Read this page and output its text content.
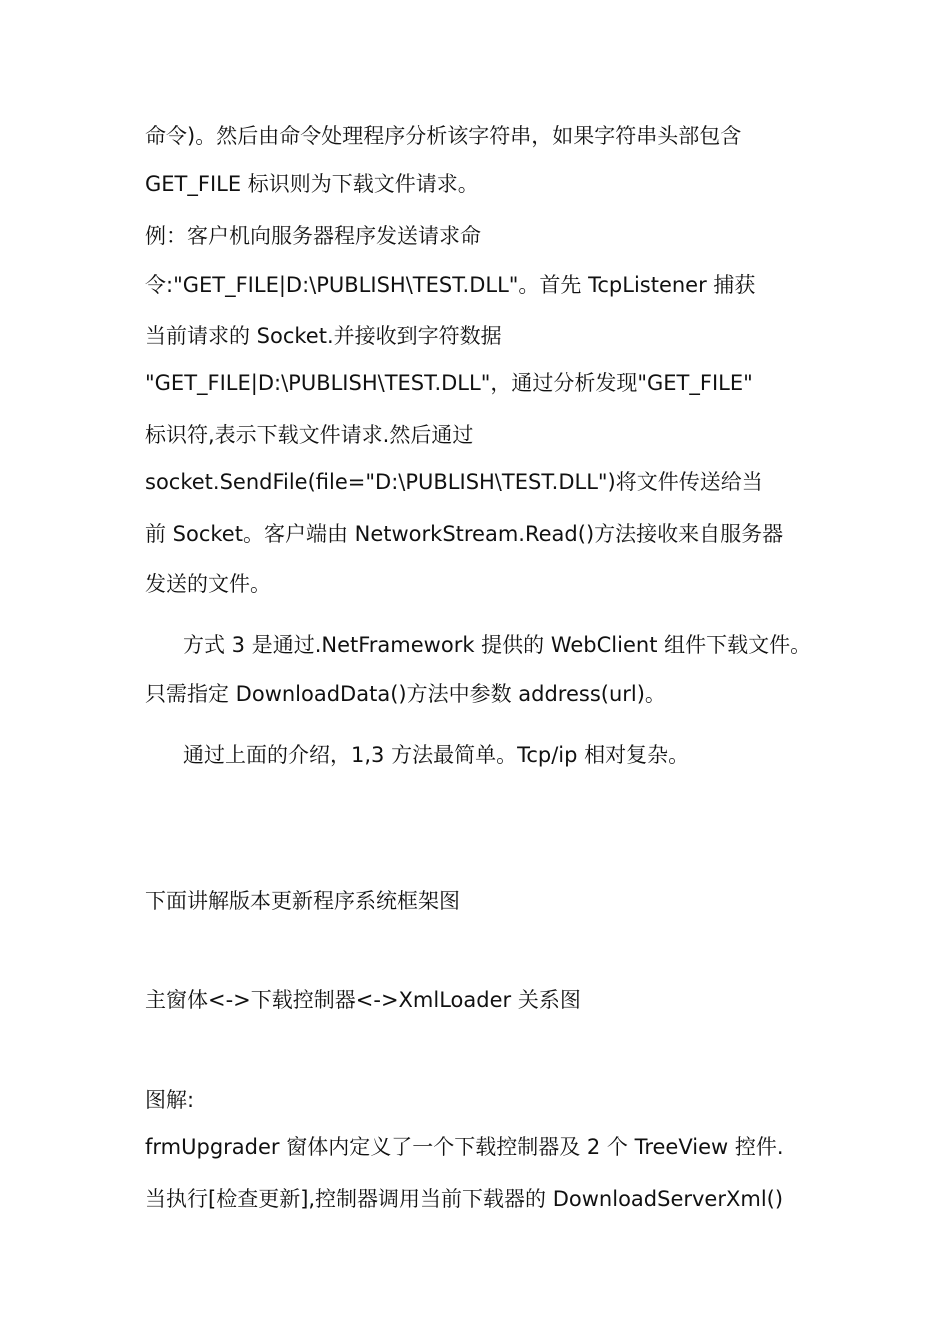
命令)。然后由命令处理程序分析该字符串，如果字符串头部包含
GET_FILE 标识则为下载文件请求。
例：客户机向服务器程序发送请求命
令:"GET_FILE|D:\PUBLISH\TEST.DLL"。首先 TcpListener 捕获
当前请求的 Socket.并接收到字符数据
"GET_FILE|D:\PUBLISH\TEST.DLL"，通过分析发现"GET_FILE"
标识符,表示下载文件请求.然后通过
socket.SendFile(file="D:\PUBLISH\TEST.DLL")将文件传送给当
前 Socket。客户端由 NetworkStream.Read()方法接收来自服务器
发送的文件。
方式 3 是通过.NetFramework 提供的 WebClient 组件下载文件。
只需指定 DownloadData()方法中参数 address(url)。
通过上面的介绍，1,3 方法最简单。Tcp/ip 相对复杂。
下面讲解版本更新程序系统框架图
主窗体<->下载控制器<->XmlLoader 关系图
图解:
frmUpgrader 窗体内定义了一个下载控制器及 2 个 TreeView 控件.
当执行[检查更新],控制器调用当前下载器的 DownloadServerXml()
